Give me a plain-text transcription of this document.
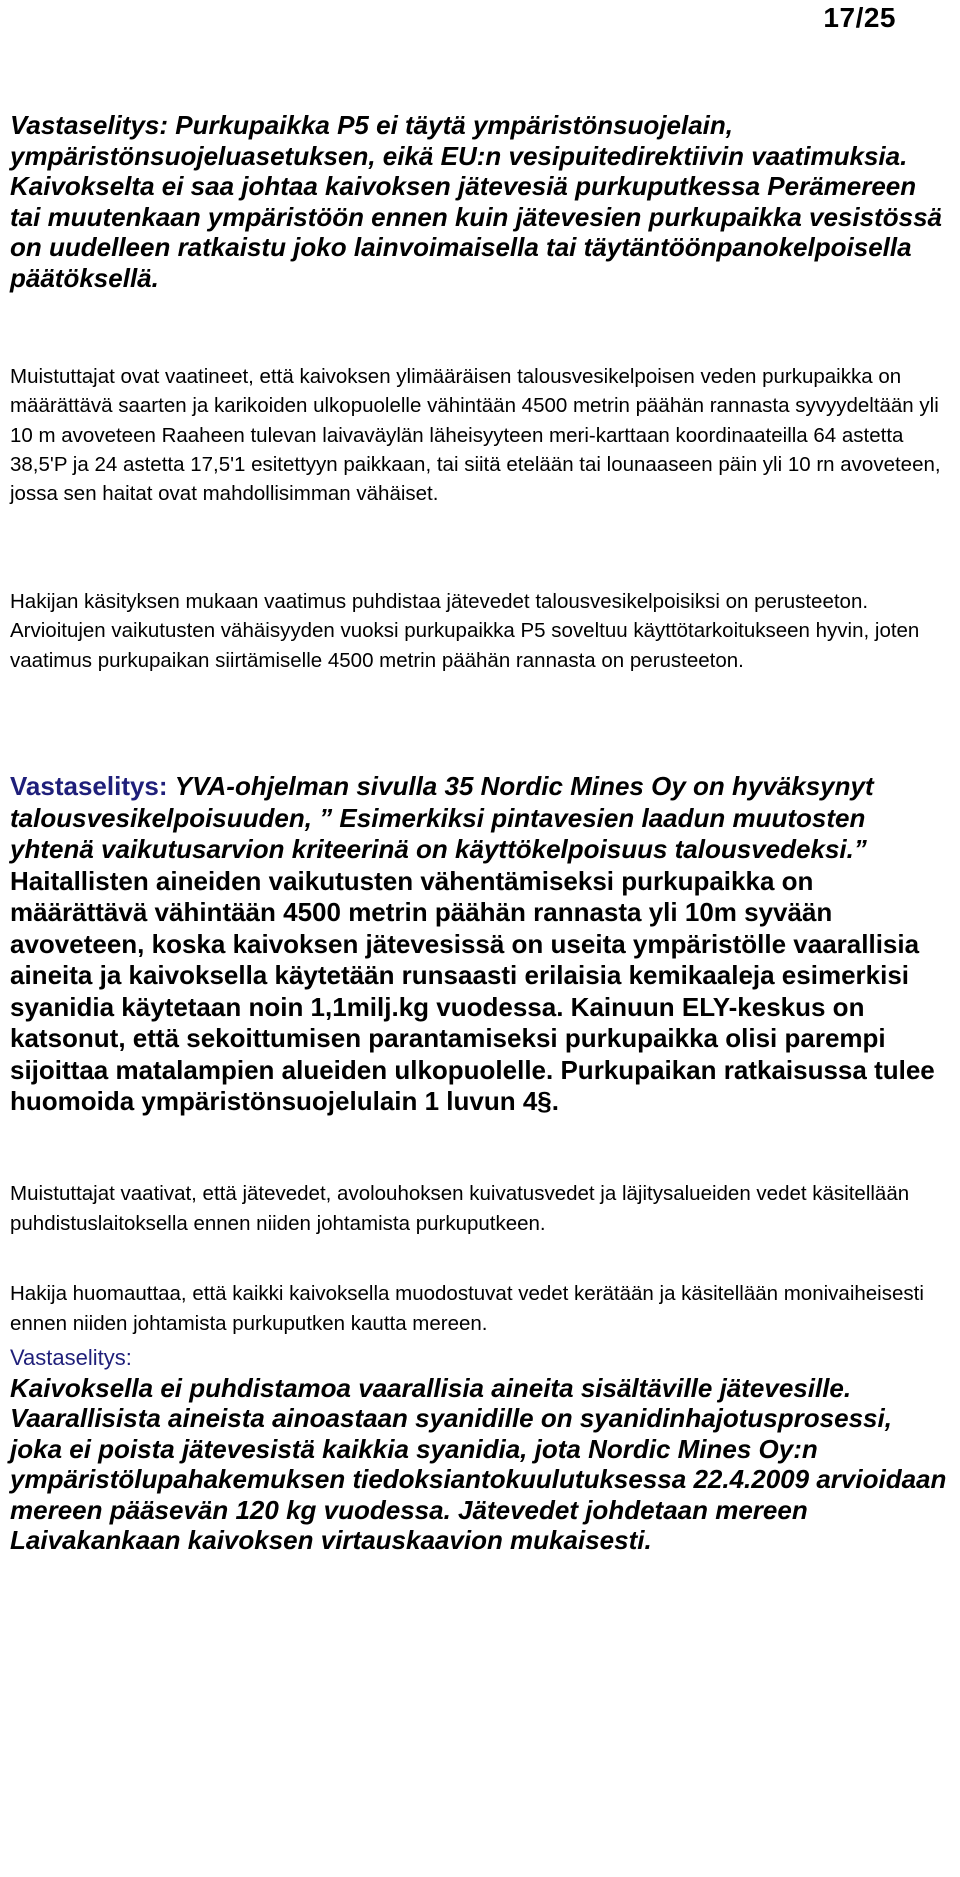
17/25

Vastaselitys: Purkupaikka P5 ei täytä ympäristönsuojelain, ympäristönsuojeluasetuksen, eikä EU:n vesipuitedirektiivin vaatimuksia. Kaivokselta ei saa johtaa kaivoksen jätevesiä purkuputkessa Perämereen tai muutenkaan ympäristöön ennen kuin jätevesien purkupaikka vesistössä on uudelleen ratkaistu joko lainvoimaisella tai täytäntöönpanokelpoisella päätöksellä.

Muistuttajat ovat vaatineet, että kaivoksen ylimääräisen talousvesikelpoisen veden purkupaikka on määrättävä saarten ja karikoiden ulkopuolelle vähintään 4500 metrin päähän rannasta syvyydeltään yli 10 m avoveteen Raaheen tulevan laivaväylän läheisyyteen meri-karttaan koordinaateilla 64 astetta 38,5'P ja 24 astetta 17,5'1 esitettyyn paikkaan, tai siitä etelään tai lounaaseen päin yli 10 rn avoveteen, jossa sen haitat ovat mahdollisimman vähäiset.

Hakijan käsityksen mukaan vaatimus puhdistaa jätevedet talousvesikelpoisiksi on perusteeton. Arvioitujen vaikutusten vähäisyyden vuoksi purkupaikka P5 soveltuu käyttötarkoitukseen hyvin, joten vaatimus purkupaikan siirtämiselle 4500 metrin päähän rannasta on perusteeton.

Vastaselitys: YVA-ohjelman sivulla 35 Nordic Mines Oy on hyväksynyt talousvesikelpoisuuden, ” Esimerkiksi pintavesien laadun muutosten yhtenä vaikutusarvion kriteerinä on käyttökelpoisuus talousvedeksi.” Haitallisten aineiden vaikutusten vähentämiseksi purkupaikka on määrättävä vähintään 4500 metrin päähän rannasta yli 10m syvään avoveteen, koska kaivoksen jätevesissä on useita ympäristölle vaarallisia aineita ja kaivoksella käytetään runsaasti erilaisia kemikaaleja esimerkisi syanidia käytetaan noin 1,1milj.kg vuodessa. Kainuun ELY-keskus on katsonut, että sekoittumisen parantamiseksi purkupaikka olisi parempi sijoittaa matalampien alueiden ulkopuolelle. Purkupaikan ratkaisussa tulee huomoida ympäristönsuojelulain 1 luvun 4§.

Muistuttajat vaativat, että jätevedet, avolouhoksen kuivatusvedet ja läjitysalueiden vedet käsitellään puhdistuslaitoksella ennen niiden johtamista purkuputkeen.

Hakija huomauttaa, että kaikki kaivoksella muodostuvat vedet kerätään ja käsitellään monivaiheisesti ennen niiden johtamista purkuputken kautta mereen.

Vastaselitys:

Kaivoksella ei puhdistamoa vaarallisia aineita sisältäville jätevesille. Vaarallisista aineista ainoastaan syanidille on syanidinhajotusprosessi, joka ei poista jätevesistä kaikkia syanidia, jota Nordic Mines Oy:n ympäristölupahakemuksen tiedoksiantokuulutuksessa 22.4.2009 arvioidaan mereen pääsevän 120 kg vuodessa. Jätevedet johdetaan mereen Laivakankaan kaivoksen virtauskaavion mukaisesti.
